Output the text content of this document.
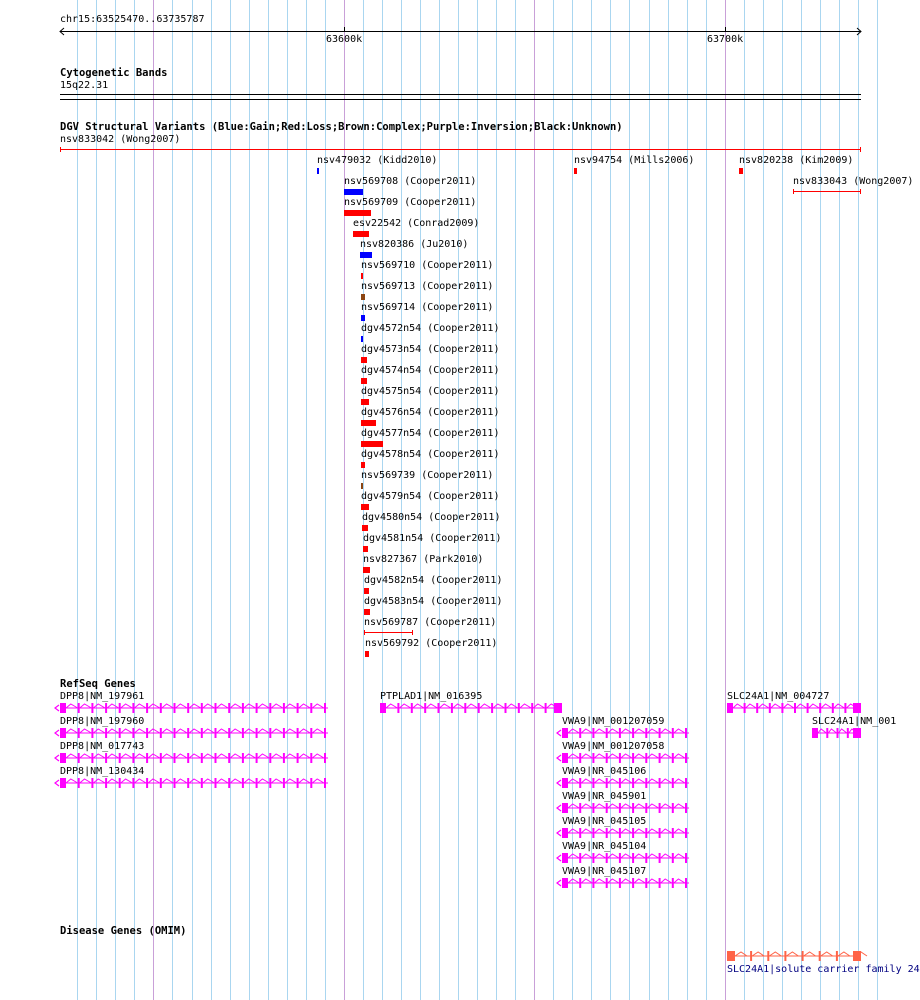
chr15:63525470..63735787
63600k	63700k
Cytogenetic Bands
15q22.31
DGV Structural Variants (Blue:Gain;Red:Loss;Brown:Complex;Purple:Inversion;Black:Unknown)
nsv833042 (Wong2007)
nsv479032 (Kidd2010)	nsv94754 (Mills2006)	nsv820238 (Kim2009)
nsv833043 (Wong2007)
nsv569708 (Cooper2011)
nsv569709 (Cooper2011)
esv22542 (Conrad2009)
nsv820386 (Ju2010)
nsv569710 (Cooper2011)
nsv569713 (Cooper2011)
nsv569714 (Cooper2011)
dgv4572n54 (Cooper2011)
dgv4573n54 (Cooper2011)
dgv4574n54 (Cooper2011)
dgv4575n54 (Cooper2011)
dgv4576n54 (Cooper2011)
dgv4577n54 (Cooper2011)
dgv4578n54 (Cooper2011)
nsv569739 (Cooper2011)
dgv4579n54 (Cooper2011)
dgv4580n54 (Cooper2011)
dgv4581n54 (Cooper2011)
nsv827367 (Park2010)
dgv4582n54 (Cooper2011)
dgv4583n54 (Cooper2011)
nsv569787 (Cooper2011)
nsv569792 (Cooper2011)
RefSeq Genes
DPP8|NM_197961	PTPLAD1|NM_016395	SLC24A1|NM_004727
DPP8|NM_197960	VWA9|NM_001207059	SLC24A1|NM_001
DPP8|NM_017743	VWA9|NM_001207058
DPP8|NM_130434	VWA9|NR_045106
VWA9|NR_045901
VWA9|NR_045105
VWA9|NR_045104
VWA9|NR_045107
Disease Genes (OMIM)
SLC24A1|solute carrier family 24
